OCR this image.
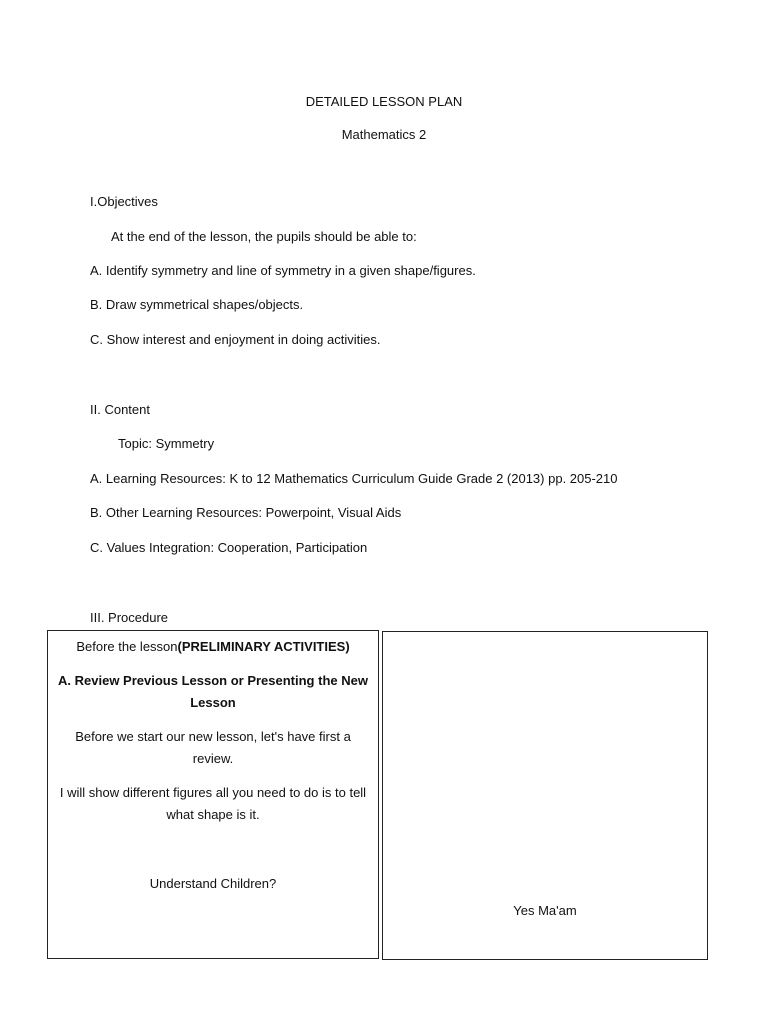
DETAILED LESSON PLAN
Mathematics 2
I.Objectives
At the end of the lesson, the pupils should be able to:
A. Identify symmetry and line of symmetry in a given shape/figures.
B. Draw symmetrical shapes/objects.
C. Show interest and enjoyment in doing activities.
II. Content
Topic: Symmetry
A. Learning Resources: K to 12 Mathematics Curriculum Guide Grade 2 (2013) pp. 205-210
B. Other Learning Resources: Powerpoint, Visual Aids
C. Values Integration: Cooperation, Participation
III. Procedure
Before the lesson(PRELIMINARY ACTIVITIES)
A. Review Previous Lesson or Presenting the New Lesson
Before we start our new lesson, let's have first a review.
I will show different figures all you need to do is to tell what shape is it.
Understand Children?
Yes Ma'am
